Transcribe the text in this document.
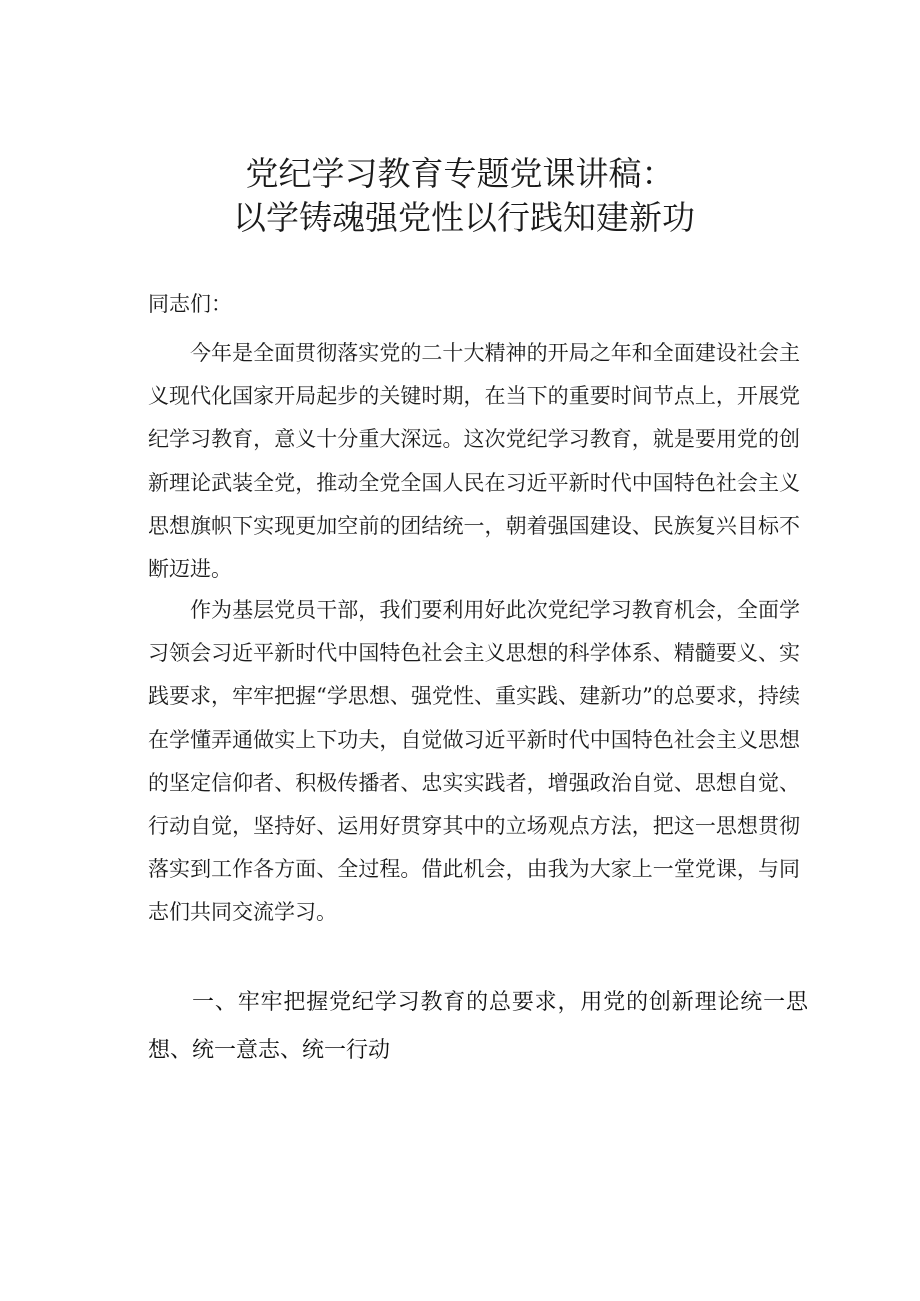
党纪学习教育专题党课讲稿：
以学铸魂强党性以行践知建新功
同志们：

今年是全面贯彻落实党的二十大精神的开局之年和全面建设社会主义现代化国家开局起步的关键时期，在当下的重要时间节点上，开展党纪学习教育，意义十分重大深远。这次党纪学习教育，就是要用党的创新理论武装全党，推动全党全国人民在习近平新时代中国特色社会主义思想旗帜下实现更加空前的团结统一，朝着强国建设、民族复兴目标不断迈进。

作为基层党员干部，我们要利用好此次党纪学习教育机会，全面学习领会习近平新时代中国特色社会主义思想的科学体系、精髓要义、实践要求，牢牢把握“学思想、强党性、重实践、建新功”的总要求，持续在学懂弄通做实上下功夫，自觉做习近平新时代中国特色社会主义思想的坚定信仰者、积极传播者、忠实实践者，增强政治自觉、思想自觉、行动自觉，坚持好、运用好贯穿其中的立场观点方法，把这一思想贯彻落实到工作各方面、全过程。借此机会，由我为大家上一堂党课，与同志们共同交流学习。

一、牢牢把握党纪学习教育的总要求，用党的创新理论统一思想、统一意志、统一行动
